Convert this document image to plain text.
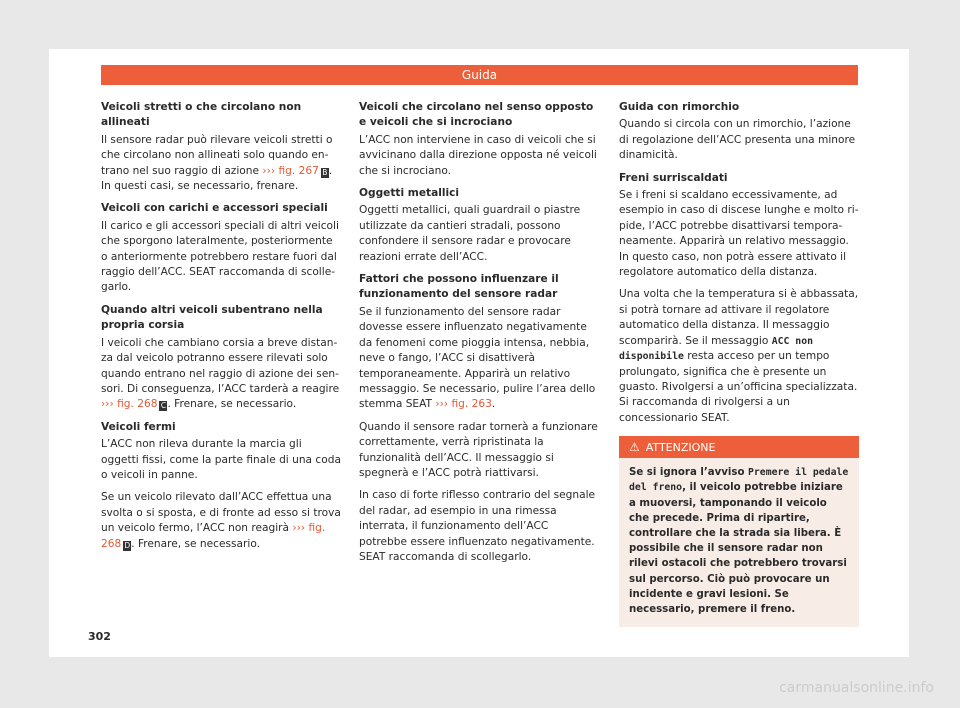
Guida
Veicoli stretti o che circolano non allineati

Il sensore radar può rilevare veicoli stretti o che circolano non allineati solo quando entrano nel suo raggio di azione ››› fig. 267 B. In questi casi, se necessario, frenare.

Veicoli con carichi e accessori speciali

Il carico e gli accessori speciali di altri veicoli che sporgono lateralmente, posteriormente o anteriormente potrebbero restare fuori dal raggio dell’ACC. SEAT raccomanda di scollegarlo.

Quando altri veicoli subentrano nella propria corsia

I veicoli che cambiano corsia a breve distanza dal veicolo potranno essere rilevati solo quando entrano nel raggio di azione dei sensori. Di conseguenza, l’ACC tarderà a reagire ››› fig. 268 C. Frenare, se necessario.

Veicoli fermi

L’ACC non rileva durante la marcia gli oggetti fissi, come la parte finale di una coda o veicoli in panne.

Se un veicolo rilevato dall’ACC effettua una svolta o si sposta, e di fronte ad esso si trova un veicolo fermo, l’ACC non reagirà ››› fig. 268 D. Frenare, se necessario.

Veicoli che circolano nel senso opposto e veicoli che si incrociano

L’ACC non interviene in caso di veicoli che si avvicinano dalla direzione opposta né veicoli che si incrociano.

Oggetti metallici

Oggetti metallici, quali guardrail o piastre utilizzate da cantieri stradali, possono confondere il sensore radar e provocare reazioni errate dell’ACC.

Fattori che possono influenzare il funzionamento del sensore radar

Se il funzionamento del sensore radar dovesse essere influenzato negativamente da fenomeni come pioggia intensa, nebbia, neve o fango, l’ACC si disattiverà temporaneamente. Apparirà un relativo messaggio. Se necessario, pulire l’area dello stemma SEAT ››› fig. 263.

Quando il sensore radar tornerà a funzionare correttamente, verrà ripristinata la funzionalità dell’ACC. Il messaggio si spegnerà e l’ACC potrà riattivarsi.

In caso di forte riflesso contrario del segnale del radar, ad esempio in una rimessa interrata, il funzionamento dell’ACC potrebbe essere influenzato negativamente. SEAT raccomanda di scollegarlo.

Guida con rimorchio

Quando si circola con un rimorchio, l’azione di regolazione dell’ACC presenta una minore dinamicità.

Freni surriscaldati

Se i freni si scaldano eccessivamente, ad esempio in caso di discese lunghe e molto ripide, l’ACC potrebbe disattivarsi temporaneamente. Apparirà un relativo messaggio. In questo caso, non potrà essere attivato il regolatore automatico della distanza.

Una volta che la temperatura si è abbassata, si potrà tornare ad attivare il regolatore automatico della distanza. Il messaggio scomparirà. Se il messaggio ACC non disponibile resta acceso per un tempo prolungato, significa che è presente un guasto. Rivolgersi a un’officina specializzata. Si raccomanda di rivolgersi a un concessionario SEAT.

⚠ ATTENZIONE
Se si ignora l’avviso Premere il pedale del freno, il veicolo potrebbe iniziare a muoversi, tamponando il veicolo che precede. Prima di ripartire, controllare che la strada sia libera. È possibile che il sensore radar non rilevi ostacoli che potrebbero trovarsi sul percorso. Ciò può provocare un incidente e gravi lesioni. Se necessario, premere il freno.
302
carmanualsonline.info
